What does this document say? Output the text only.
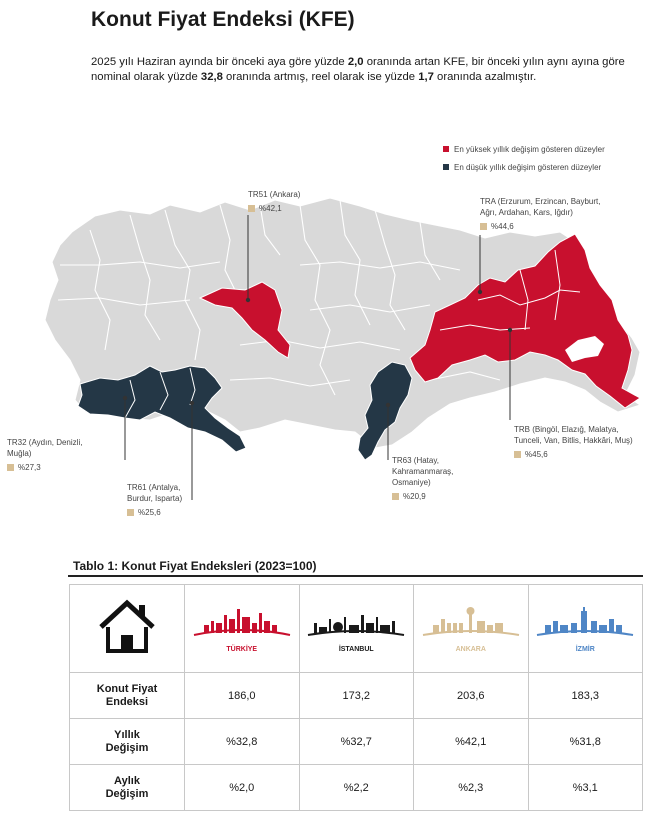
Konut Fiyat Endeksi (KFE)

2025 yılı Haziran ayında bir önceki aya göre yüzde 2,0 oranında artan KFE, bir önceki yılın aynı ayına göre nominal olarak yüzde 32,8 oranında artmış, reel olarak ise yüzde 1,7 oranında azalmıştır.

En yüksek yıllık değişim gösteren düzeyler
En düşük yıllık değişim gösteren düzeyler
TR51 (Ankara)
%42,1
TRA (Erzurum, Erzincan, Bayburt,
Ağrı, Ardahan, Kars, Iğdır)
%44,6
TRB (Bingöl, Elazığ, Malatya,
Tunceli, Van, Bitlis, Hakkâri, Muş)
%45,6
TR32 (Aydın, Denizli,
Muğla)
%27,3
TR61 (Antalya,
Burdur, Isparta)
%25,6
TR63 (Hatay,
Kahramanmaraş,
Osmaniye)
%20,9
Tablo 1: Konut Fiyat Endeksleri (2023=100)

TÜRKİYE	İSTANBUL	ANKARA	İZMİR

Konut Fiyat
Endeksi	186,0	173,2	203,6	183,3
Yıllık
Değişim	%32,8	%32,7	%42,1	%31,8
Aylık
Değişim	%2,0	%2,2	%2,3	%3,1
